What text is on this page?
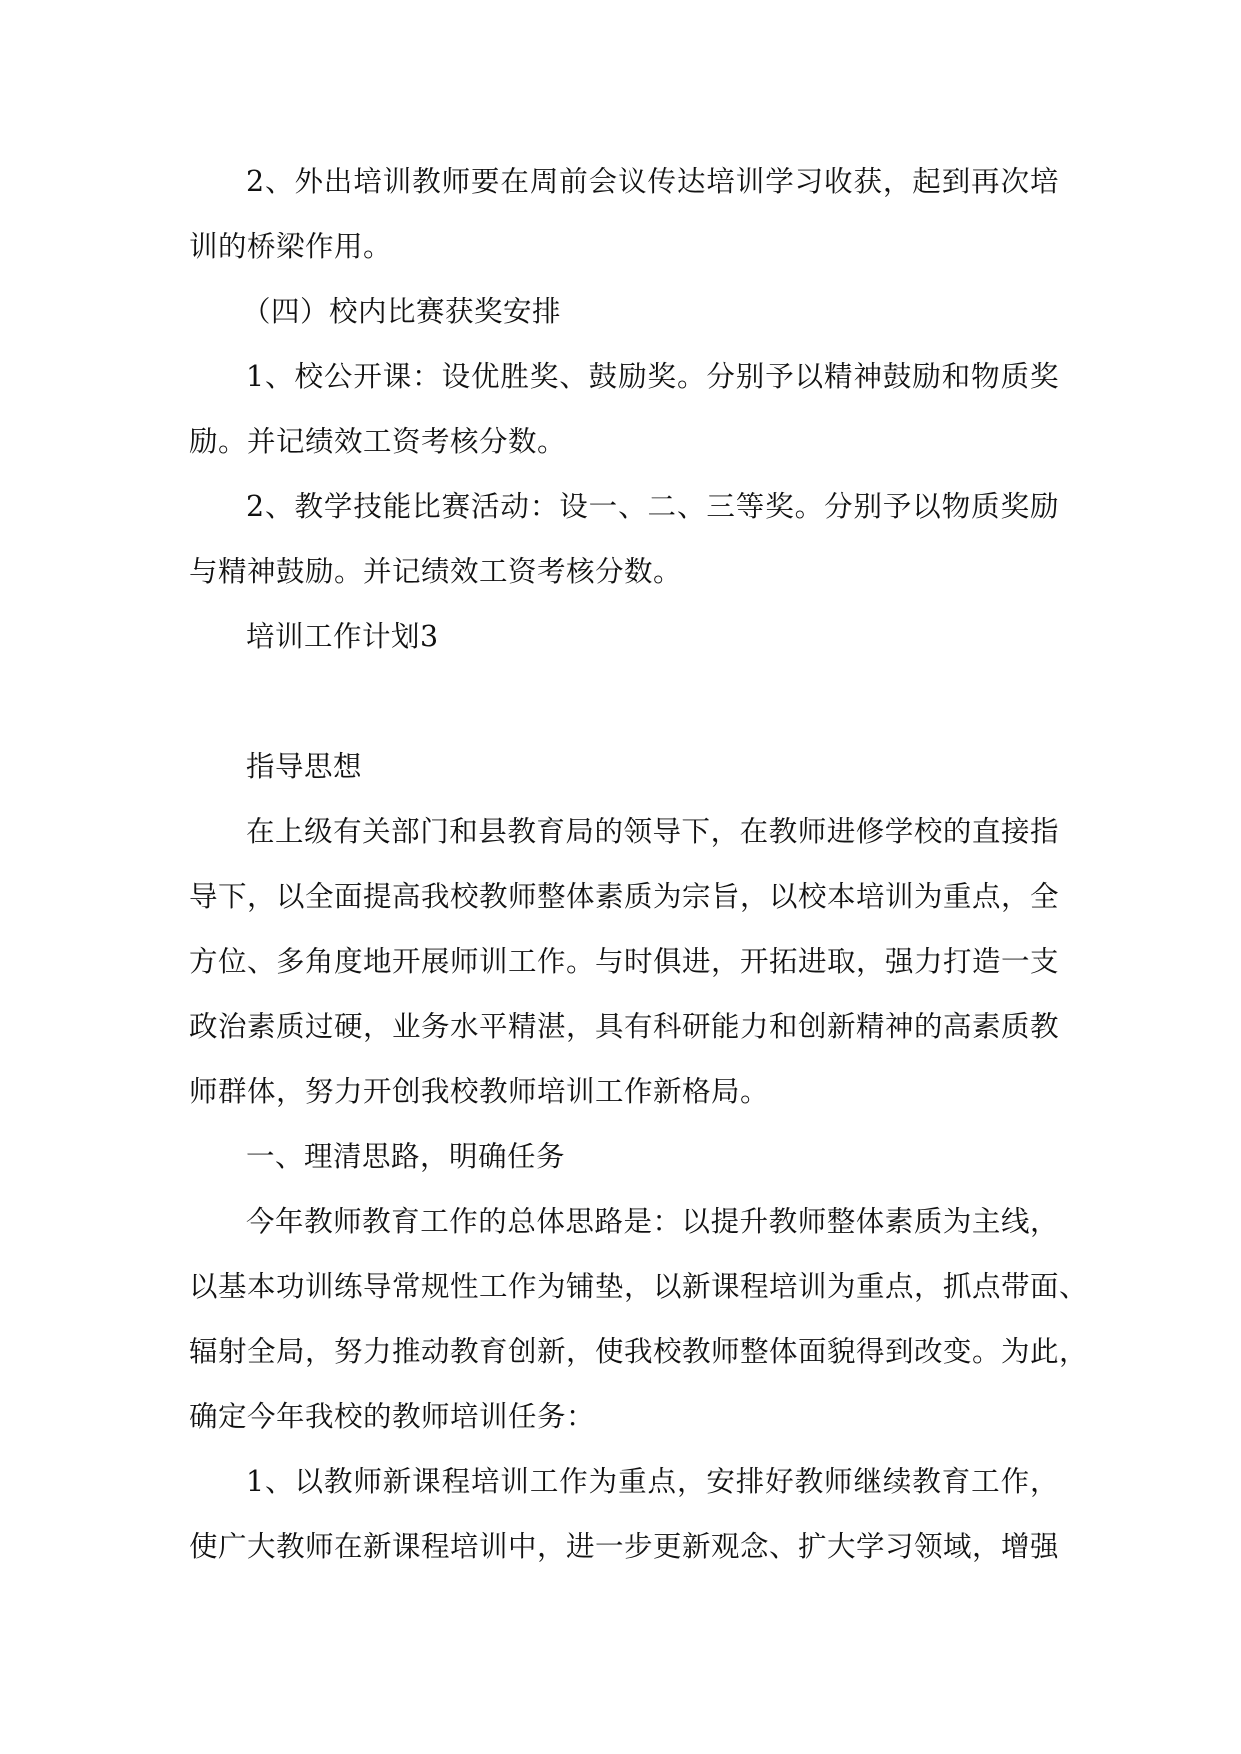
2、外出培训教师要在周前会议传达培训学习收获，起到再次培

训的桥梁作用。

（四）校内比赛获奖安排

1、校公开课：设优胜奖、鼓励奖。分别予以精神鼓励和物质奖

励。并记绩效工资考核分数。

2、教学技能比赛活动：设一、二、三等奖。分别予以物质奖励

与精神鼓励。并记绩效工资考核分数。

培训工作计划3

指导思想

在上级有关部门和县教育局的领导下，在教师进修学校的直接指

导下，以全面提高我校教师整体素质为宗旨，以校本培训为重点，全

方位、多角度地开展师训工作。与时俱进，开拓进取，强力打造一支

政治素质过硬，业务水平精湛，具有科研能力和创新精神的高素质教

师群体，努力开创我校教师培训工作新格局。

一、理清思路，明确任务

今年教师教育工作的总体思路是：以提升教师整体素质为主线，

以基本功训练导常规性工作为铺垫，以新课程培训为重点，抓点带面、

辐射全局，努力推动教育创新，使我校教师整体面貌得到改变。为此，

确定今年我校的教师培训任务：

1、以教师新课程培训工作为重点，安排好教师继续教育工作，

使广大教师在新课程培训中，进一步更新观念、扩大学习领域，增强
